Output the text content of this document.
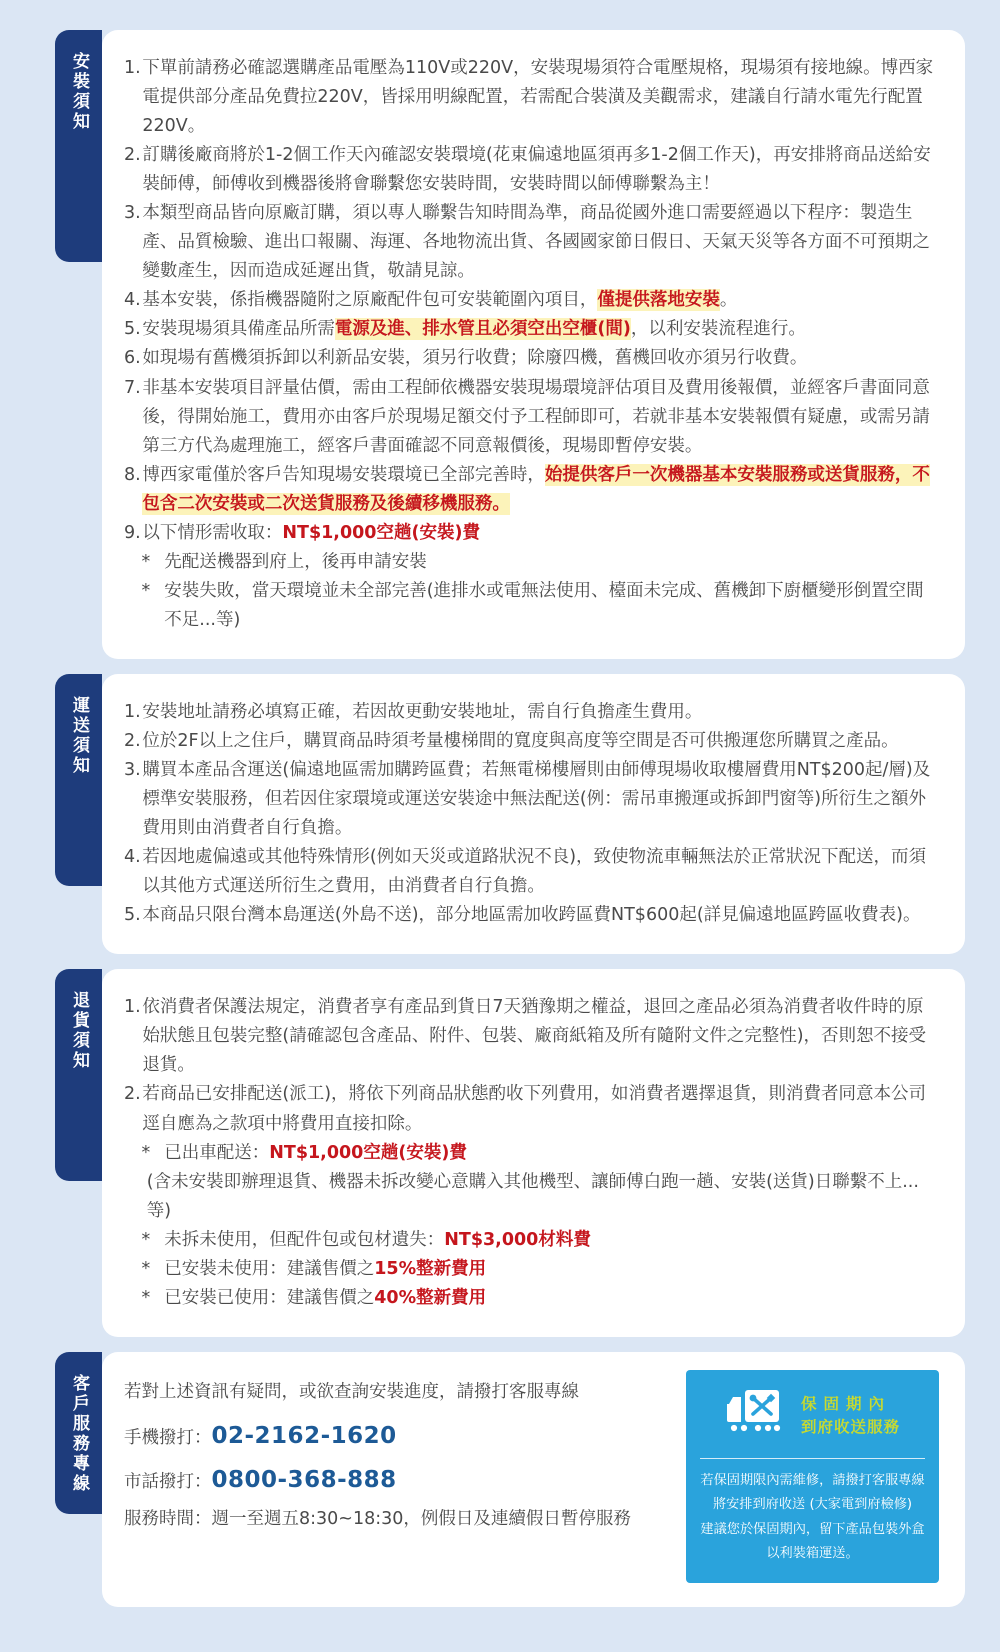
安裝須知 1. 下單前請務必確認選購產品電壓為110V或220V，安裝現場須符合電壓規格，現場須有接地線。博西家電提供部分產品免費拉220V，皆採用明線配置，若需配合裝潢及美觀需求，建議自行請水電先行配置220V。
2. 訂購後廠商將於1-2個工作天內確認安裝環境(花東偏遠地區須再多1-2個工作天)，再安排將商品送給安裝師傅，師傅收到機器後將會聯繫您安裝時間，安裝時間以師傅聯繫為主！
3. 本類型商品皆向原廠訂購，須以專人聯繫告知時間為準，商品從國外進口需要經過以下程序：製造生產、品質檢驗、進出口報關、海運、各地物流出貨、各國國家節日假日、天氣天災等各方面不可預期之變數產生，因而造成延遲出貨，敬請見諒。
4. 基本安裝，係指機器隨附之原廠配件包可安裝範圍內項目，僅提供落地安裝。
5. 安裝現場須具備產品所需電源及進、排水管且必須空出空櫃(間)，以利安裝流程進行。
6. 如現場有舊機須拆卸以利新品安裝，須另行收費；除廢四機，舊機回收亦須另行收費。
7. 非基本安裝項目評量估價，需由工程師依機器安裝現場環境評估項目及費用後報價，並經客戶書面同意後，得開始施工，費用亦由客戶於現場足額交付予工程師即可，若就非基本安裝報價有疑慮，或需另請第三方代為處理施工，經客戶書面確認不同意報價後，現場即暫停安裝。
8. 博西家電僅於客戶告知現場安裝環境已全部完善時，始提供客戶一次機器基本安裝服務或送貨服務，不包含二次安裝或二次送貨服務及後續移機服務。
9. 以下情形需收取：NT$1,000空趟(安裝)費
* 先配送機器到府上，後再申請安裝
* 安裝失敗，當天環境並未全部完善(進排水或電無法使用、檯面未完成、舊機卸下廚櫃變形倒置空間不足...等)
運送須知 1. 安裝地址請務必填寫正確，若因故更動安裝地址，需自行負擔產生費用。
2. 位於2F以上之住戶，購買商品時須考量樓梯間的寬度與高度等空間是否可供搬運您所購買之產品。
3. 購買本產品含運送(偏遠地區需加購跨區費；若無電梯樓層則由師傅現場收取樓層費用NT$200起/層)及標準安裝服務，但若因住家環境或運送安裝途中無法配送(例：需吊車搬運或拆卸門窗等)所衍生之額外費用則由消費者自行負擔。
4. 若因地處偏遠或其他特殊情形(例如天災或道路狀況不良)，致使物流車輛無法於正常狀況下配送，而須以其他方式運送所衍生之費用，由消費者自行負擔。
5. 本商品只限台灣本島運送(外島不送)，部分地區需加收跨區費NT$600起(詳見偏遠地區跨區收費表)。
退貨須知 1. 依消費者保護法規定，消費者享有產品到貨日7天猶豫期之權益，退回之產品必須為消費者收件時的原始狀態且包裝完整(請確認包含產品、附件、包裝、廠商紙箱及所有隨附文件之完整性)，否則恕不接受退貨。
2. 若商品已安排配送(派工)，將依下列商品狀態酌收下列費用，如消費者選擇退貨，則消費者同意本公司逕自應為之款項中將費用直接扣除。
* 已出車配送：NT$1,000空趟(安裝)費
(含未安裝即辦理退貨、機器未拆改變心意購入其他機型、讓師傅白跑一趟、安裝(送貨)日聯繫不上...等)
* 未拆未使用，但配件包或包材遺失：NT$3,000材料費
* 已安裝未使用：建議售價之15%整新費用
* 已安裝已使用：建議售價之40%整新費用
客戶服務專線 若對上述資訊有疑問，或欲查詢安裝進度，請撥打客服專線
手機撥打： 02-2162-1620
市話撥打： 0800-368-888
服務時間： 週一至週五8:30~18:30，例假日及連續假日暫停服務
保固期內
到府收送服務
若保固期限內需維修，請撥打客服專線
將安排到府收送 (大家電到府檢修)
建議您於保固期內，留下產品包裝外盒
以利裝箱運送。
